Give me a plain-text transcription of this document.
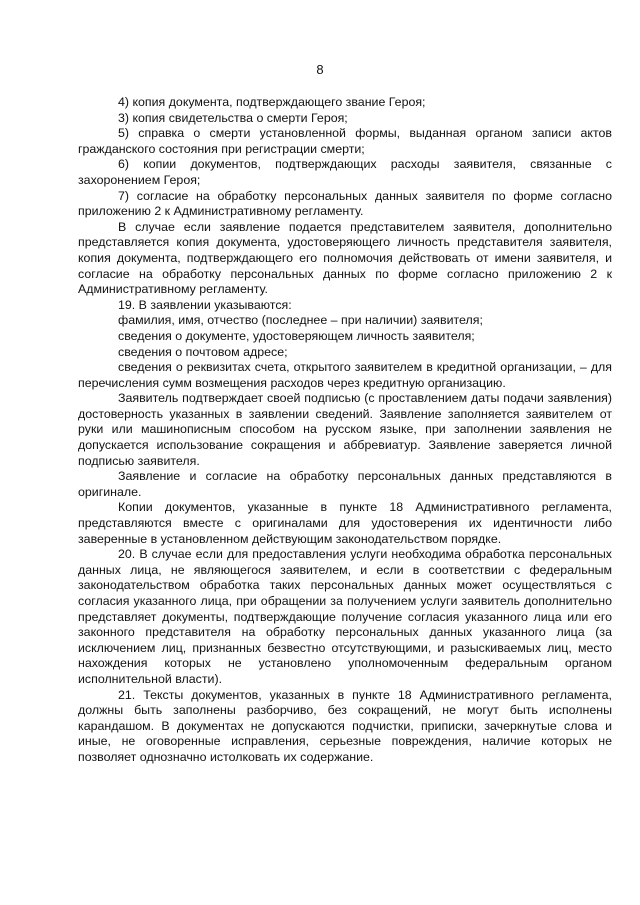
8

4) копия документа, подтверждающего звание Героя;

3) копия свидетельства о смерти Героя;

5) справка о смерти установленной формы, выданная органом записи актов гражданского состояния при регистрации смерти;

6) копии документов, подтверждающих расходы заявителя, связанные с захоронением Героя;

7) согласие на обработку персональных данных заявителя по форме согласно приложению 2 к Административному регламенту.

В случае если заявление подается представителем заявителя, дополнительно представляется копия документа, удостоверяющего личность представителя заявителя, копия документа, подтверждающего его полномочия действовать от имени заявителя, и согласие на обработку персональных данных по форме согласно приложению 2 к Административному регламенту.

19. В заявлении указываются:

фамилия, имя, отчество (последнее – при наличии) заявителя;

сведения о документе, удостоверяющем личность заявителя;

сведения о почтовом адресе;

сведения о реквизитах счета, открытого заявителем в кредитной организации, – для перечисления сумм возмещения расходов через кредитную организацию.

Заявитель подтверждает своей подписью (с проставлением даты подачи заявления) достоверность указанных в заявлении сведений. Заявление заполняется заявителем от руки или машинописным способом на русском языке, при заполнении заявления не допускается использование сокращения и аббревиатур. Заявление заверяется личной подписью заявителя.

Заявление и согласие на обработку персональных данных представляются в оригинале.

Копии документов, указанные в пункте 18 Административного регламента, представляются вместе с оригиналами для удостоверения их идентичности либо заверенные в установленном действующим законодательством порядке.

20. В случае если для предоставления услуги необходима обработка персональных данных лица, не являющегося заявителем, и если в соответствии с федеральным законодательством обработка таких персональных данных может осуществляться с согласия указанного лица, при обращении за получением услуги заявитель дополнительно представляет документы, подтверждающие получение согласия указанного лица или его законного представителя на обработку персональных данных указанного лица (за исключением лиц, признанных безвестно отсутствующими, и разыскиваемых лиц, место нахождения которых не установлено уполномоченным федеральным органом исполнительной власти).

21. Тексты документов, указанных в пункте 18 Административного регламента, должны быть заполнены разборчиво, без сокращений, не могут быть исполнены карандашом. В документах не допускаются подчистки, приписки, зачеркнутые слова и иные, не оговоренные исправления, серьезные повреждения, наличие которых не позволяет однозначно истолковать их содержание.
